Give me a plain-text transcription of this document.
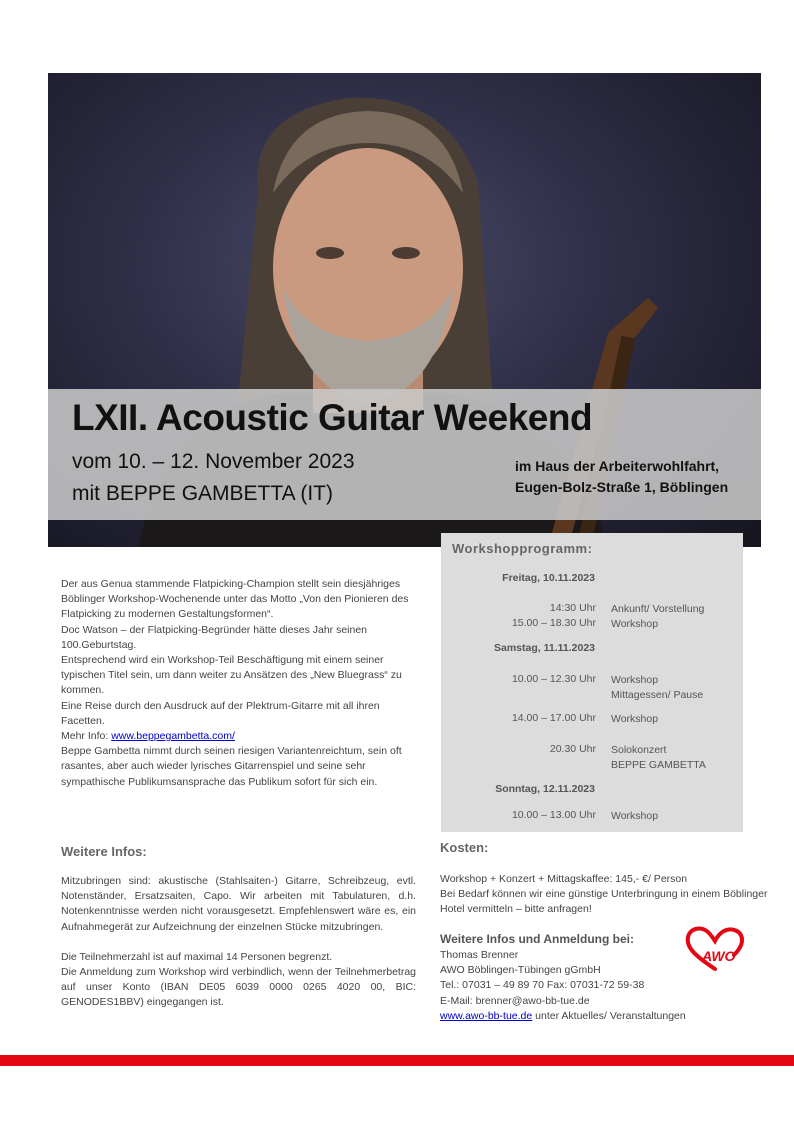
LXII. Acoustic Guitar Weekend
vom 10. – 12. November 2023
mit BEPPE GAMBETTA (IT)
im Haus der Arbeiterwohlfahrt,
Eugen-Bolz-Straße 1, Böblingen

Der aus Genua stammende Flatpicking-Champion stellt sein diesjähriges Böblinger Workshop-Wochenende unter das Motto „Von den Pionieren des Flatpicking zu modernen Gestaltungsformen“.

Doc Watson – der Flatpicking-Begründer hätte dieses Jahr seinen 100.Geburtstag.

Entsprechend wird ein Workshop-Teil Beschäftigung mit einem seiner typischen Titel sein, um dann weiter zu Ansätzen des „New Bluegrass“ zu kommen.

Eine Reise durch den Ausdruck auf der Plektrum-Gitarre mit all ihren Facetten.

Mehr Info: www.beppegambetta.com/

Beppe Gambetta nimmt durch seinen riesigen Variantenreichtum, sein oft rasantes, aber auch wieder lyrisches Gitarrenspiel und seine sehr sympathische Publikumsansprache das Publikum sofort für sich ein.

Workshopprogramm:
Freitag, 10.11.2023
14:30 Uhr Ankunft/ Vorstellung
15.00 – 18.30 Uhr Workshop
Samstag, 11.11.2023
10.00 – 12.30 Uhr Workshop
Mittagessen/ Pause
14.00 – 17.00 Uhr Workshop
20.30 Uhr Solokonzert
BEPPE GAMBETTA
Sonntag, 12.11.2023
10.00 – 13.00 Uhr Workshop
Weitere Infos:

Mitzubringen sind: akustische (Stahlsaiten-) Gitarre, Schreibzeug, evtl. Notenständer, Ersatzsaiten, Capo. Wir arbeiten mit Tabulaturen, d.h. Notenkenntnisse werden nicht vorausgesetzt. Empfehlenswert wäre es, ein Aufnahmegerät zur Aufzeichnung der einzelnen Stücke mitzubringen.

Die Teilnehmerzahl ist auf maximal 14 Personen begrenzt.

Die Anmeldung zum Workshop wird verbindlich, wenn der Teilnehmerbetrag auf unser Konto (IBAN DE05 6039 0000 0265 4020 00, BIC: GENODES1BBV) eingegangen ist.

Kosten:

Workshop + Konzert + Mittagskaffee: 145,- €/ Person

Bei Bedarf können wir eine günstige Unterbringung in einem Böblinger Hotel vermitteln – bitte anfragen!

Weitere Infos und Anmeldung bei:

Thomas Brenner

AWO Böblingen-Tübingen gGmbH

Tel.: 07031 – 49 89 70 Fax: 07031-72 59-38

E-Mail: brenner@awo-bb-tue.de

www.awo-bb-tue.de unter Aktuelles/ Veranstaltungen

AWO
